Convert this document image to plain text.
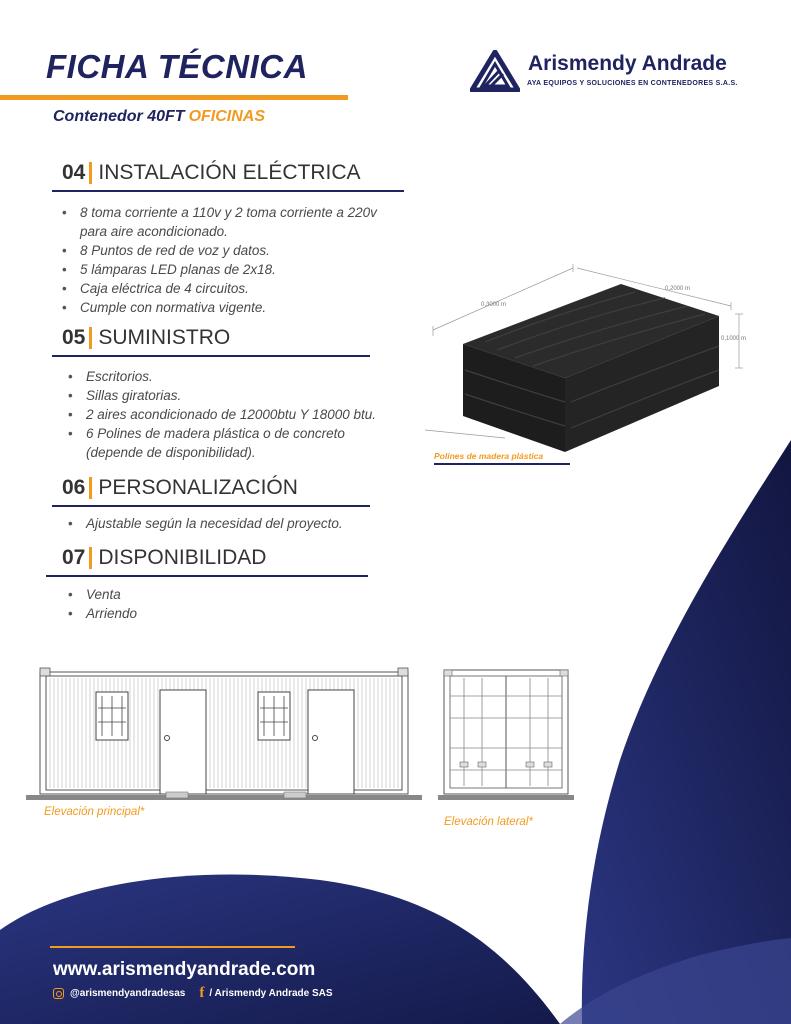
FICHA TÉCNICA
Contenedor 40FT OFICINAS
Arismendy Andrade
AYA EQUIPOS Y SOLUCIONES EN CONTENEDORES S.A.S.
04 INSTALACIÓN ELÉCTRICA
• 8 toma corriente a 110v y 2 toma corriente a 220v para aire acondicionado.
• 8 Puntos de red de voz y datos.
• 5 lámparas LED planas de 2x18.
• Caja eléctrica de 4 circuitos.
• Cumple con normativa vigente.
05 SUMINISTRO
• Escritorios.
• Sillas giratorias.
• 2 aires acondicionado de 12000btu Y 18000 btu.
• 6 Polines de madera plástica o de concreto (depende de disponibilidad).
06 PERSONALIZACIÓN
• Ajustable según la necesidad del proyecto.
07 DISPONIBILIDAD
• Venta
• Arriendo
0,3000 m
0,2000 m
0,1000 m
Polines de madera plástica
Elevación principal*
Elevación lateral*
www.arismendyandrade.com
@arismendyandradesas f / Arismendy Andrade SAS
